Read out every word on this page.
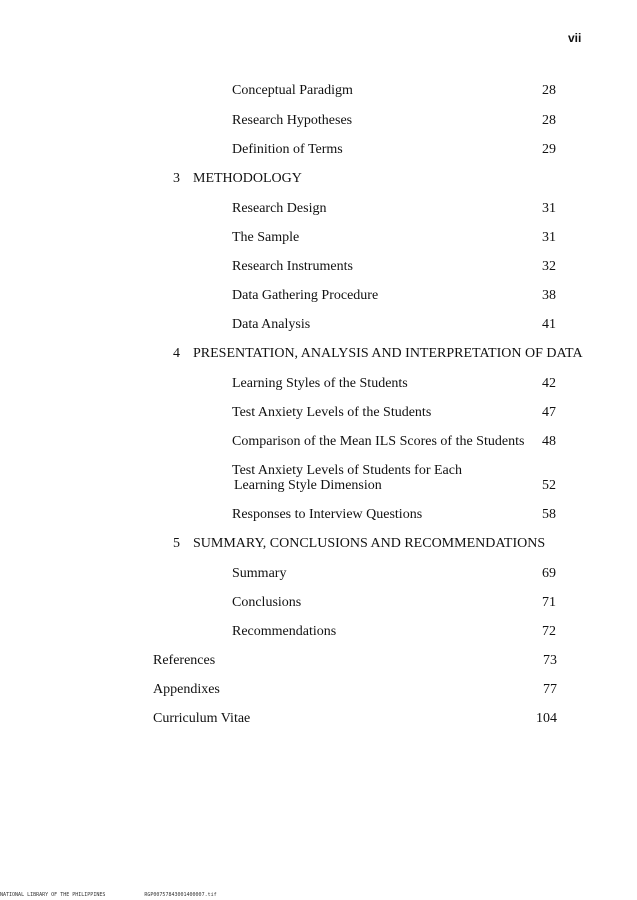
vii
Conceptual Paradigm	28
Research Hypotheses	28
Definition of Terms	29
3 METHODOLOGY
Research Design	31
The Sample	31
Research Instruments	32
Data Gathering Procedure	38
Data Analysis	41
4 PRESENTATION, ANALYSIS AND INTERPRETATION OF DATA
Learning Styles of the Students	42
Test Anxiety Levels of the Students	47
Comparison of the Mean ILS Scores of the Students 48
Test Anxiety Levels of Students for Each
Learning Style Dimension	52
Responses to Interview Questions	58
5 SUMMARY, CONCLUSIONS AND RECOMMENDATIONS
Summary	69
Conclusions	71
Recommendations	72
References	73
Appendixes	77
Curriculum Vitae	104
NATIONAL LIBRARY OF THE PHILIPPINES	RGP00757843001400007.tif
